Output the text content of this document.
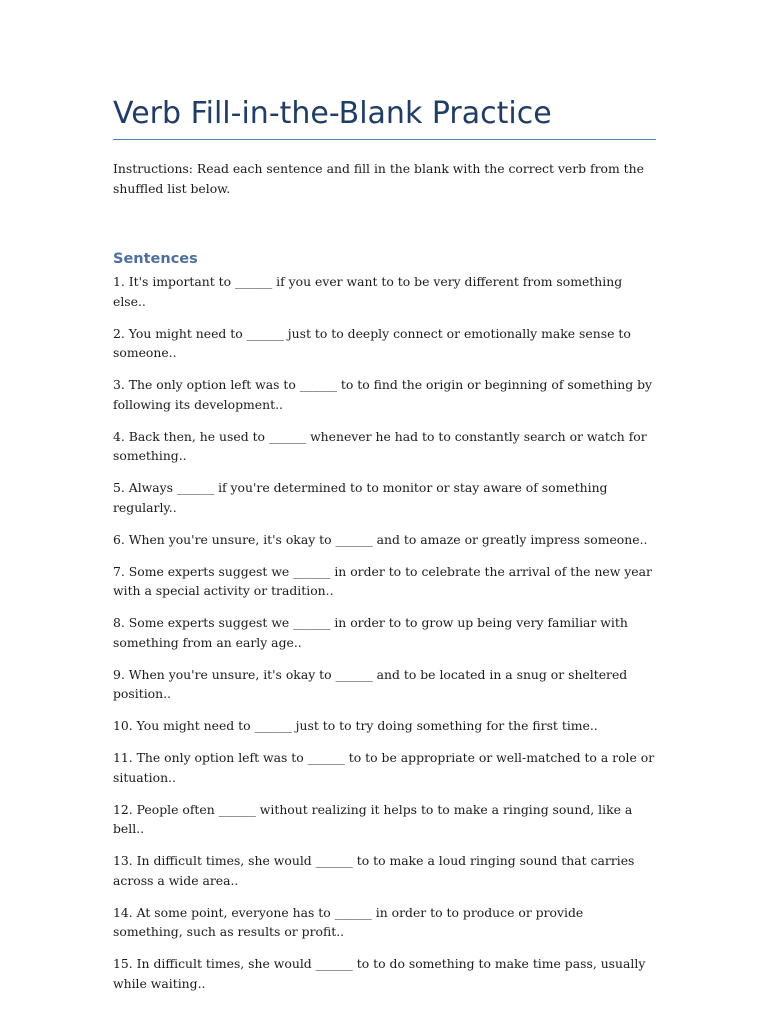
Verb Fill-in-the-Blank Practice

Instructions: Read each sentence and fill in the blank with the correct verb from the shuffled list below.

Sentences
1. It's important to ______ if you ever want to to be very different from something else..
2. You might need to ______ just to to deeply connect or emotionally make sense to someone..
3. The only option left was to ______ to to find the origin or beginning of something by following its development..
4. Back then, he used to ______ whenever he had to to constantly search or watch for something..
5. Always ______ if you're determined to to monitor or stay aware of something regularly..
6. When you're unsure, it's okay to ______ and to amaze or greatly impress someone..
7. Some experts suggest we ______ in order to to celebrate the arrival of the new year with a special activity or tradition..
8. Some experts suggest we ______ in order to to grow up being very familiar with something from an early age..
9. When you're unsure, it's okay to ______ and to be located in a snug or sheltered position..
10. You might need to ______ just to to try doing something for the first time..
11. The only option left was to ______ to to be appropriate or well-matched to a role or situation..
12. People often ______ without realizing it helps to to make a ringing sound, like a bell..
13. In difficult times, she would ______ to to make a loud ringing sound that carries across a wide area..
14. At some point, everyone has to ______ in order to to produce or provide something, such as results or profit..
15. In difficult times, she would ______ to to do something to make time pass, usually while waiting..
